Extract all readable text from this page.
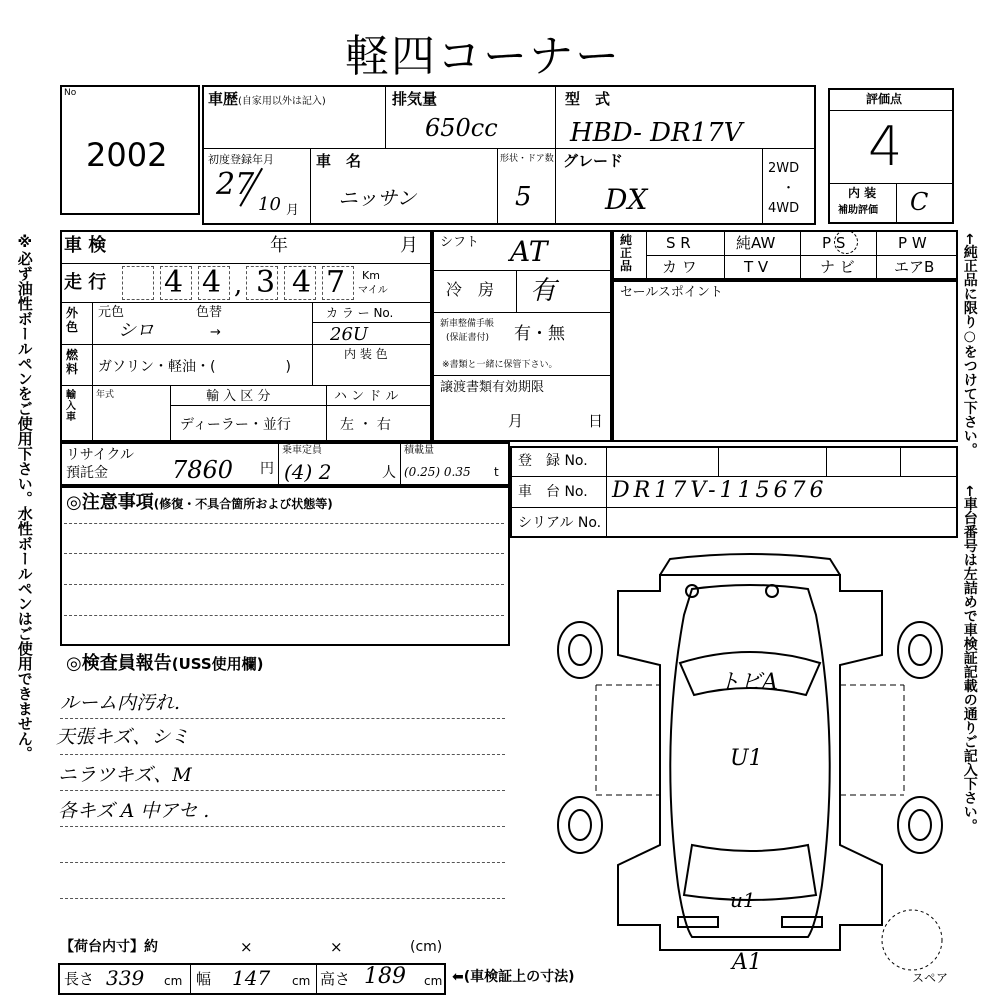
軽四コーナー
※必ず油性ボールペンをご使用下さい。水性ボールペンはご使用できません。	←純正品に限り○をつけて下さい。
←車台番号は左詰めで車検証記載の通りご記入下さい。
No
2002
車歴(自家用以外は記入)	排気量
650cc
型　式
HBD- DR17V
初度登録年月
27
10 月
車　名
ニッサン
形状・ドア数
5
グレード
DX
2WD
・
4WD
評価点
4
内 装
補助評価 C
車 検	年	月
走 行 4 4 , 3 4 7 Km
マイル
外色
元色	色替
シロ	→
カ ラ ー No.
26U
内 装 色
燃料	ガソリン・軽油・(　　　　　)
輸入車
年式	輸 入 区 分
ディーラー・並行
ハ ン ド ル
左 ・ 右
シフト AT
冷　房 有
新車整備手帳
(保証書付) 有・無
※書類と一緒に保管下さい。
譲渡書類有効期限
月	日
純正品
S R	純AW	P S	P W
カ ワ	T V	ナ ビ	エアB
セールスポイント
リサイクル
預託金	7860 円
乗車定員
(4) 2	人
積載量
(0.25) 0.35 t
登　録 No.
車　台 No. DR17V-115676
シリアル No.
◎注意事項(修復・不具合箇所および状態等)
◎検査員報告(USS使用欄)
ルーム内汚れ.
天張キズ、シミ
ニラツキズ、M
各キズ A 中アセ .
【荷台内寸】約	×	×	(cm)
長さ 339 cm 幅 147 cm 高さ 189 cm ⬅(車検証上の寸法)
トビA
U1
u1
A1
スペア
